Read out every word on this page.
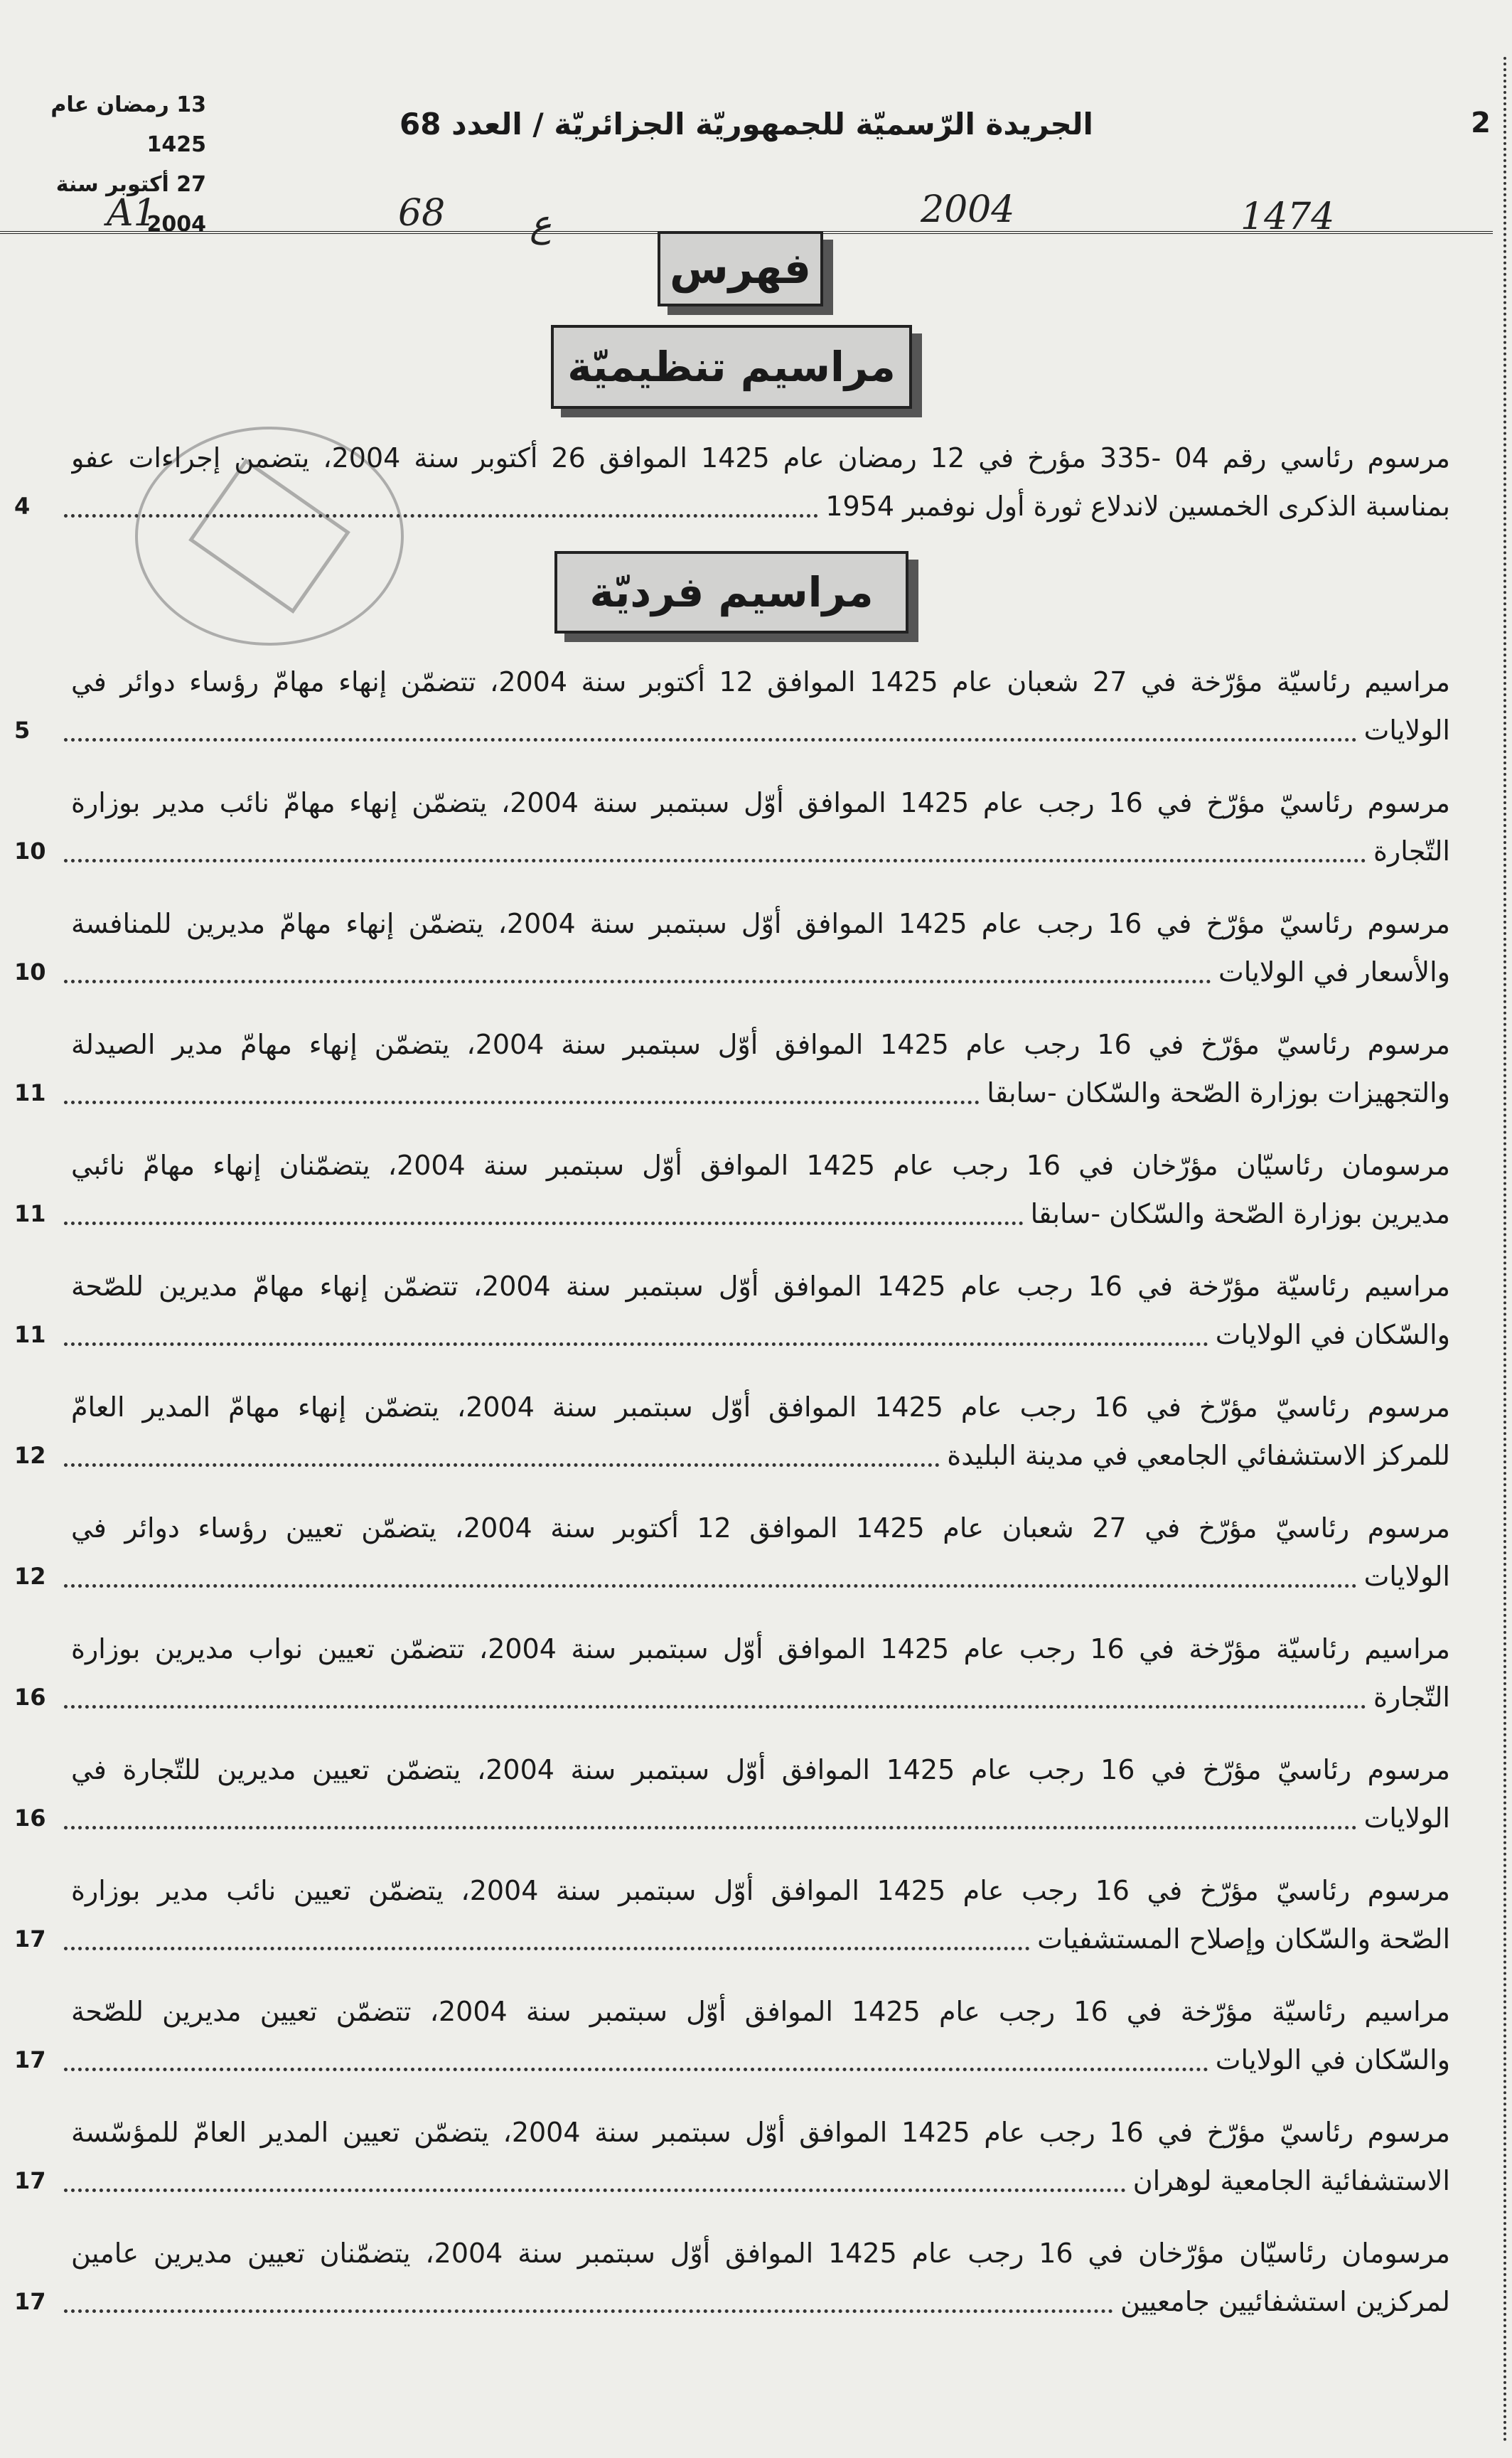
2
الجريدة الرّسميّة للجمهوريّة الجزائريّة / العدد 68
13 رمضان عام 1425
27 أكتوبر سنة 2004
A1	68 ع	2004	1474
فهرس
مراسيم تنظيميّة
مراسيم فرديّة
مرسوم رئاسي رقم 04 -335 مؤرخ في 12 رمضان عام 1425 الموافق 26 أكتوبر سنة 2004، يتضمن إجراءات عفو
بمناسبة الذكرى الخمسين لاندلاع ثورة أول نوفمبر 1954
4
مراسيم رئاسيّة مؤرّخة في 27 شعبان عام 1425 الموافق 12 أكتوبر سنة 2004، تتضمّن إنهاء مهامّ رؤساء دوائر في
الولايات
5
مرسوم رئاسيّ مؤرّخ في 16 رجب عام 1425 الموافق أوّل سبتمبر سنة 2004، يتضمّن إنهاء مهامّ نائب مدير بوزارة
التّجارة
10
مرسوم رئاسيّ مؤرّخ في 16 رجب عام 1425 الموافق أوّل سبتمبر سنة 2004، يتضمّن إنهاء مهامّ مديرين للمنافسة
والأسعار في الولايات
10
مرسوم رئاسيّ مؤرّخ في 16 رجب عام 1425 الموافق أوّل سبتمبر سنة 2004، يتضمّن إنهاء مهامّ مدير الصيدلة
والتجهيزات بوزارة الصّحة والسّكان -سابقا
11
مرسومان رئاسيّان مؤرّخان في 16 رجب عام 1425 الموافق أوّل سبتمبر سنة 2004، يتضمّنان إنهاء مهامّ نائبي
مديرين بوزارة الصّحة والسّكان -سابقا
11
مراسيم رئاسيّة مؤرّخة في 16 رجب عام 1425 الموافق أوّل سبتمبر سنة 2004، تتضمّن إنهاء مهامّ مديرين للصّحة
والسّكان في الولايات
11
مرسوم رئاسيّ مؤرّخ في 16 رجب عام 1425 الموافق أوّل سبتمبر سنة 2004، يتضمّن إنهاء مهامّ المدير العامّ
للمركز الاستشفائي الجامعي في مدينة البليدة
12
مرسوم رئاسيّ مؤرّخ في 27 شعبان عام 1425 الموافق 12 أكتوبر سنة 2004، يتضمّن تعيين رؤساء دوائر في
الولايات
12
مراسيم رئاسيّة مؤرّخة في 16 رجب عام 1425 الموافق أوّل سبتمبر سنة 2004، تتضمّن تعيين نواب مديرين بوزارة
التّجارة
16
مرسوم رئاسيّ مؤرّخ في 16 رجب عام 1425 الموافق أوّل سبتمبر سنة 2004، يتضمّن تعيين مديرين للتّجارة في
الولايات
16
مرسوم رئاسيّ مؤرّخ في 16 رجب عام 1425 الموافق أوّل سبتمبر سنة 2004، يتضمّن تعيين نائب مدير بوزارة
الصّحة والسّكان وإصلاح المستشفيات
17
مراسيم رئاسيّة مؤرّخة في 16 رجب عام 1425 الموافق أوّل سبتمبر سنة 2004، تتضمّن تعيين مديرين للصّحة
والسّكان في الولايات
17
مرسوم رئاسيّ مؤرّخ في 16 رجب عام 1425 الموافق أوّل سبتمبر سنة 2004، يتضمّن تعيين المدير العامّ للمؤسّسة
الاستشفائية الجامعية لوهران
17
مرسومان رئاسيّان مؤرّخان في 16 رجب عام 1425 الموافق أوّل سبتمبر سنة 2004، يتضمّنان تعيين مديرين عامين
لمركزين استشفائيين جامعيين
17
